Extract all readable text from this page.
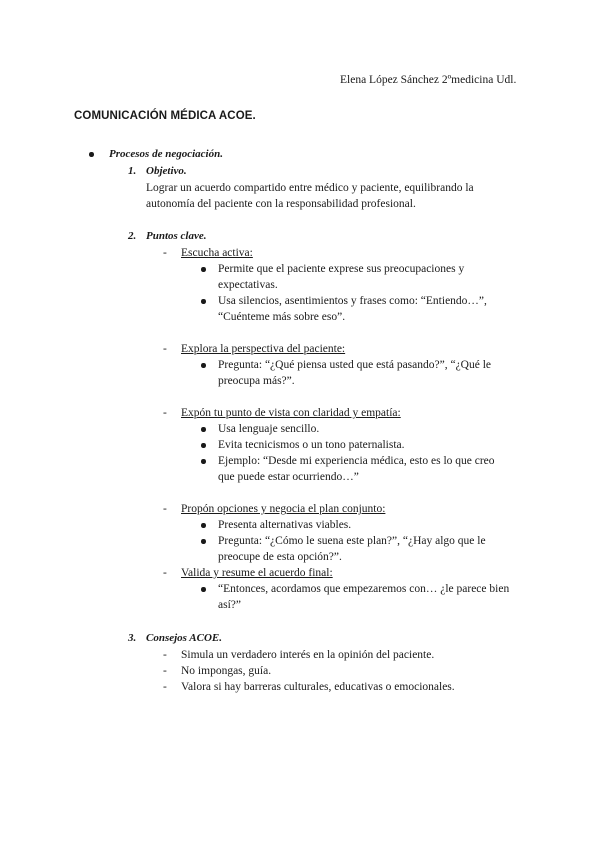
Elena López Sánchez 2ºmedicina Udl.
COMUNICACIÓN MÉDICA ACOE.
Procesos de negociación.
1. Objetivo.
Lograr un acuerdo compartido entre médico y paciente, equilibrando la
autonomía del paciente con la responsabilidad profesional.
2. Puntos clave.
- Escucha activa:
Permite que el paciente exprese sus preocupaciones y
expectativas.
Usa silencios, asentimientos y frases como: “Entiendo…”,
“Cuénteme más sobre eso”.
- Explora la perspectiva del paciente:
Pregunta: “¿Qué piensa usted que está pasando?”, “¿Qué le
preocupa más?”.
- Expón tu punto de vista con claridad y empatía:
Usa lenguaje sencillo.
Evita tecnicismos o un tono paternalista.
Ejemplo: “Desde mi experiencia médica, esto es lo que creo
que puede estar ocurriendo…”
- Propón opciones y negocia el plan conjunto:
Presenta alternativas viables.
Pregunta: “¿Cómo le suena este plan?”, “¿Hay algo que le
preocupe de esta opción?”.
- Valida y resume el acuerdo final:
“Entonces, acordamos que empezaremos con… ¿le parece bien
así?”
3. Consejos ACOE.
- Simula un verdadero interés en la opinión del paciente.
- No impongas, guía.
- Valora si hay barreras culturales, educativas o emocionales.
